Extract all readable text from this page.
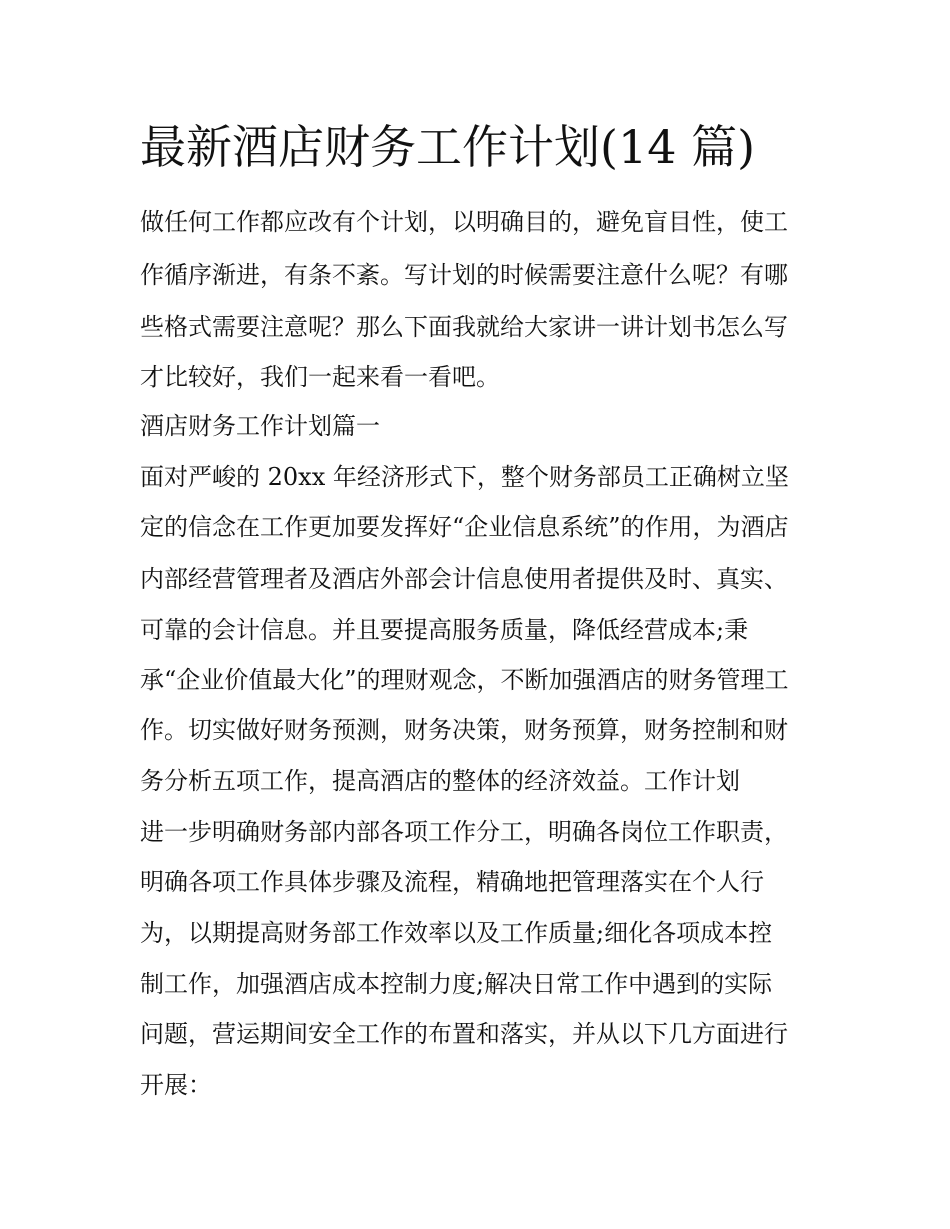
最新酒店财务工作计划(14 篇)

做任何工作都应改有个计划，以明确目的，避免盲目性，使工

作循序渐进，有条不紊。写计划的时候需要注意什么呢？有哪

些格式需要注意呢？那么下面我就给大家讲一讲计划书怎么写

才比较好，我们一起来看一看吧。

酒店财务工作计划篇一

面对严峻的 20xx 年经济形式下，整个财务部员工正确树立坚

定的信念在工作更加要发挥好“企业信息系统”的作用，为酒店

内部经营管理者及酒店外部会计信息使用者提供及时、真实、

可靠的会计信息。并且要提高服务质量，降低经营成本;秉

承“企业价值最大化”的理财观念，不断加强酒店的财务管理工

作。切实做好财务预测，财务决策，财务预算，财务控制和财

务分析五项工作，提高酒店的整体的经济效益。工作计划

进一步明确财务部内部各项工作分工，明确各岗位工作职责，

明确各项工作具体步骤及流程，精确地把管理落实在个人行

为，以期提高财务部工作效率以及工作质量;细化各项成本控

制工作，加强酒店成本控制力度;解决日常工作中遇到的实际

问题，营运期间安全工作的布置和落实，并从以下几方面进行

开展：
